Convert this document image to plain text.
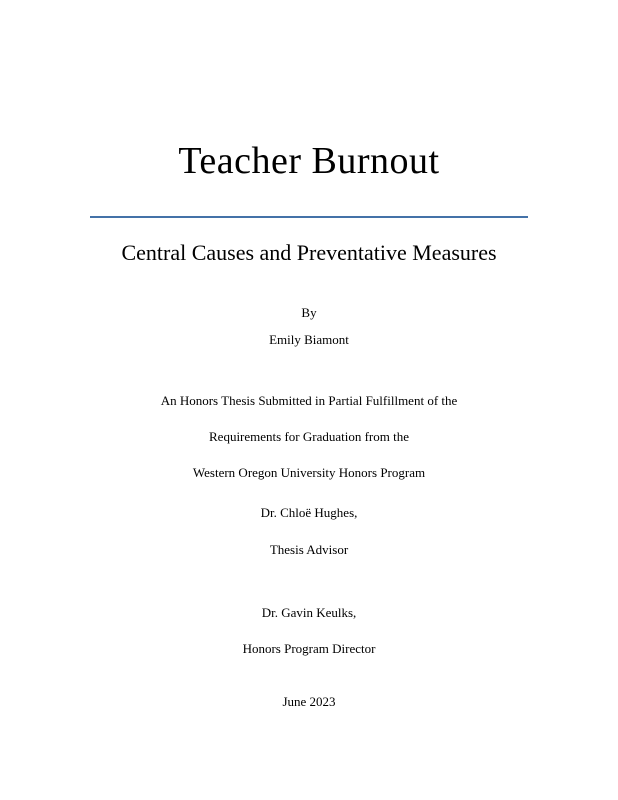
Teacher Burnout
Central Causes and Preventative Measures
By
Emily Biamont
An Honors Thesis Submitted in Partial Fulfillment of the
Requirements for Graduation from the
Western Oregon University Honors Program
Dr. Chloë Hughes,
Thesis Advisor
Dr. Gavin Keulks,
Honors Program Director
June 2023
